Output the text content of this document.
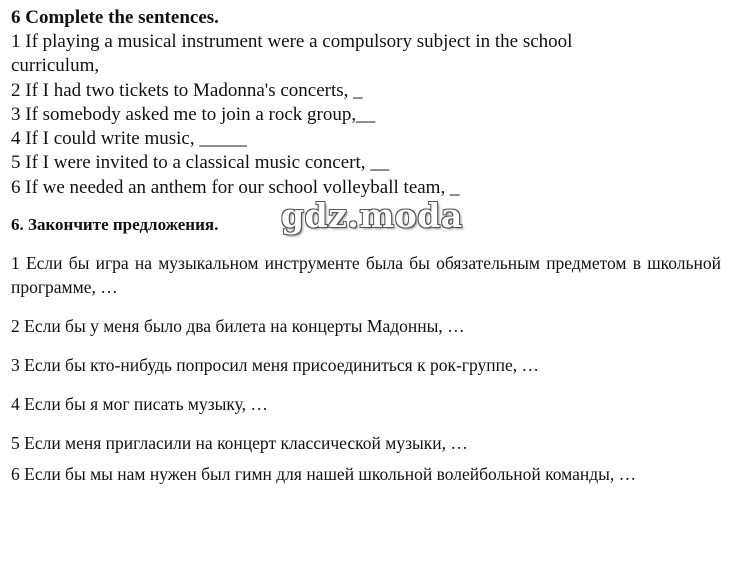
6 Complete the sentences.

1 If playing a musical instrument were a compulsory subject in the school

curriculum,

2 If I had two tickets to Madonna's concerts, _

3 If somebody asked me to join a rock group,__

4 If I could write music, _____

5 If I were invited to a classical music concert, __

6 If we needed an anthem for our school volleyball team, _

6. Закончите предложения. gdz.moda

1 Если бы игра на музыкальном инструменте была бы обязательным предметом в школьной программе, …

2 Если бы у меня было два билета на концерты Мадонны, …

3 Если бы кто-нибудь попросил меня присоединиться к рок-группе, …

4 Если бы я мог писать музыку, …

5 Если меня пригласили на концерт классической музыки, …

6 Если бы мы нам нужен был гимн для нашей школьной волейбольной команды, …
